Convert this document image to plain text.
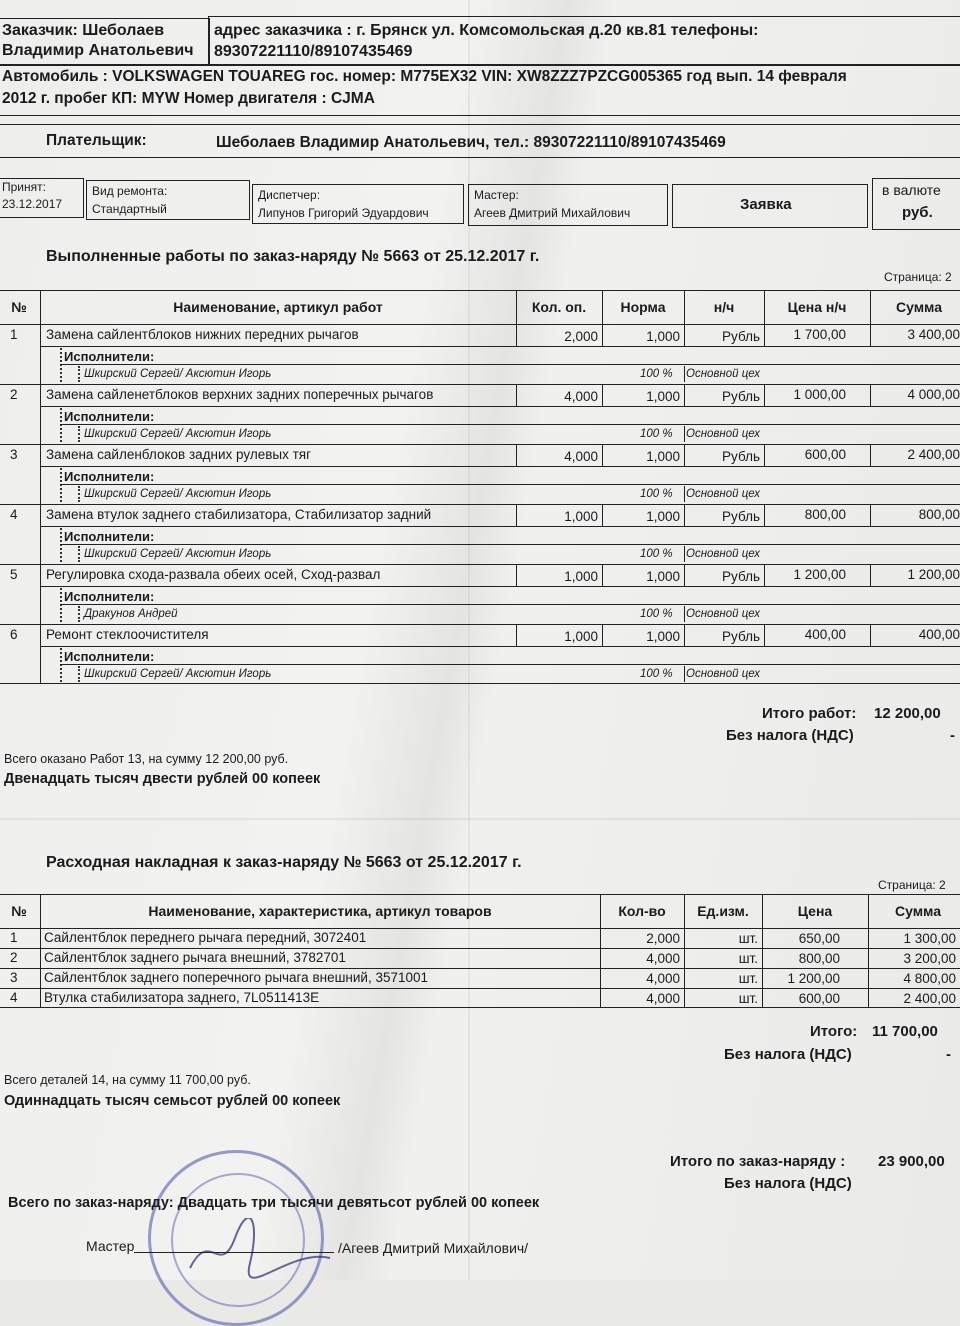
Заказчик: Шеболаев
Владимир Анатольевич
адрес заказчика : г. Брянск ул. Комсомольская д.20 кв.81 телефоны:
89307221110/89107435469
Автомобиль : VOLKSWAGEN TOUAREG гос. номер: М775ЕХ32 VIN: XW8ZZZ7PZCG005365 год вып. 14 февраля
2012 г. пробег КП: MYW Номер двигателя : CJMA
Плательщик:	Шеболаев Владимир Анатольевич, тел.: 89307221110/89107435469
Принят:
23.12.2017
Вид ремонта:
Стандартный
Диспетчер:
Липунов Григорий Эдуардович
Мастер:
Агеев Дмитрий Михайлович	Заявка
в валюте
руб.
Выполненные работы по заказ-наряду № 5663 от 25.12.2017 г.
Страница: 2
№	Наименование, артикул работ	Кол. оп.	Норма	н/ч	Цена н/ч	Сумма
1 Замена сайлентблоков нижних передних рычагов	2,000	1,000	Рубль	1 700,00	3 400,00
Исполнители:
Шкирский Сергей/ Аксютин Игорь	100 % Основной цех
2 Замена сайленетблоков верхних задних поперечных рычагов	4,000	1,000	Рубль	1 000,00	4 000,00
Исполнители:
Шкирский Сергей/ Аксютин Игорь	100 % Основной цех
3 Замена сайленблоков задних рулевых тяг	4,000	1,000	Рубль	600,00	2 400,00
Исполнители:
Шкирский Сергей/ Аксютин Игорь	100 % Основной цех
4 Замена втулок заднего стабилизатора, Стабилизатор задний	1,000	1,000	Рубль	800,00	800,00
Исполнители:
Шкирский Сергей/ Аксютин Игорь	100 % Основной цех
5 Регулировка схода-развала обеих осей, Сход-развал	1,000	1,000	Рубль	1 200,00	1 200,00
Исполнители:
Дракунов Андрей	100 % Основной цех
6 Ремонт стеклоочистителя	1,000	1,000	Рубль	400,00	400,00
Исполнители:
Шкирский Сергей/ Аксютин Игорь	100 % Основной цех
Итого работ: 12 200,00
Без налога (НДС)	-
Всего оказано Работ 13, на сумму 12 200,00 руб.
Двенадцать тысяч двести рублей 00 копеек
Расходная накладная к заказ-наряду № 5663 от 25.12.2017 г.
Страница: 2
№	Наименование, характеристика, артикул товаров	Кол-во	Ед.изм.	Цена	Сумма
1 Сайлентблок переднего рычага передний, 3072401	2,000	шт.	650,00	1 300,00
2 Сайлентблок заднего рычага внешний, 3782701	4,000	шт.	800,00	3 200,00
3 Сайлентблок заднего поперечного рычага внешний, 3571001	4,000	шт.	1 200,00	4 800,00
4 Втулка стабилизатора заднего, 7L0511413E	4,000	шт.	600,00	2 400,00
Итого: 11 700,00
Без налога (НДС)	-
Всего деталей 14, на сумму 11 700,00 руб.
Одиннадцать тысяч семьсот рублей 00 копеек
Итого по заказ-наряду : 23 900,00
Без налога (НДС)
Всего по заказ-наряду: Двадцать три тысячи девятьсот рублей 00 копеек
Мастер	/Агеев Дмитрий Михайлович/
